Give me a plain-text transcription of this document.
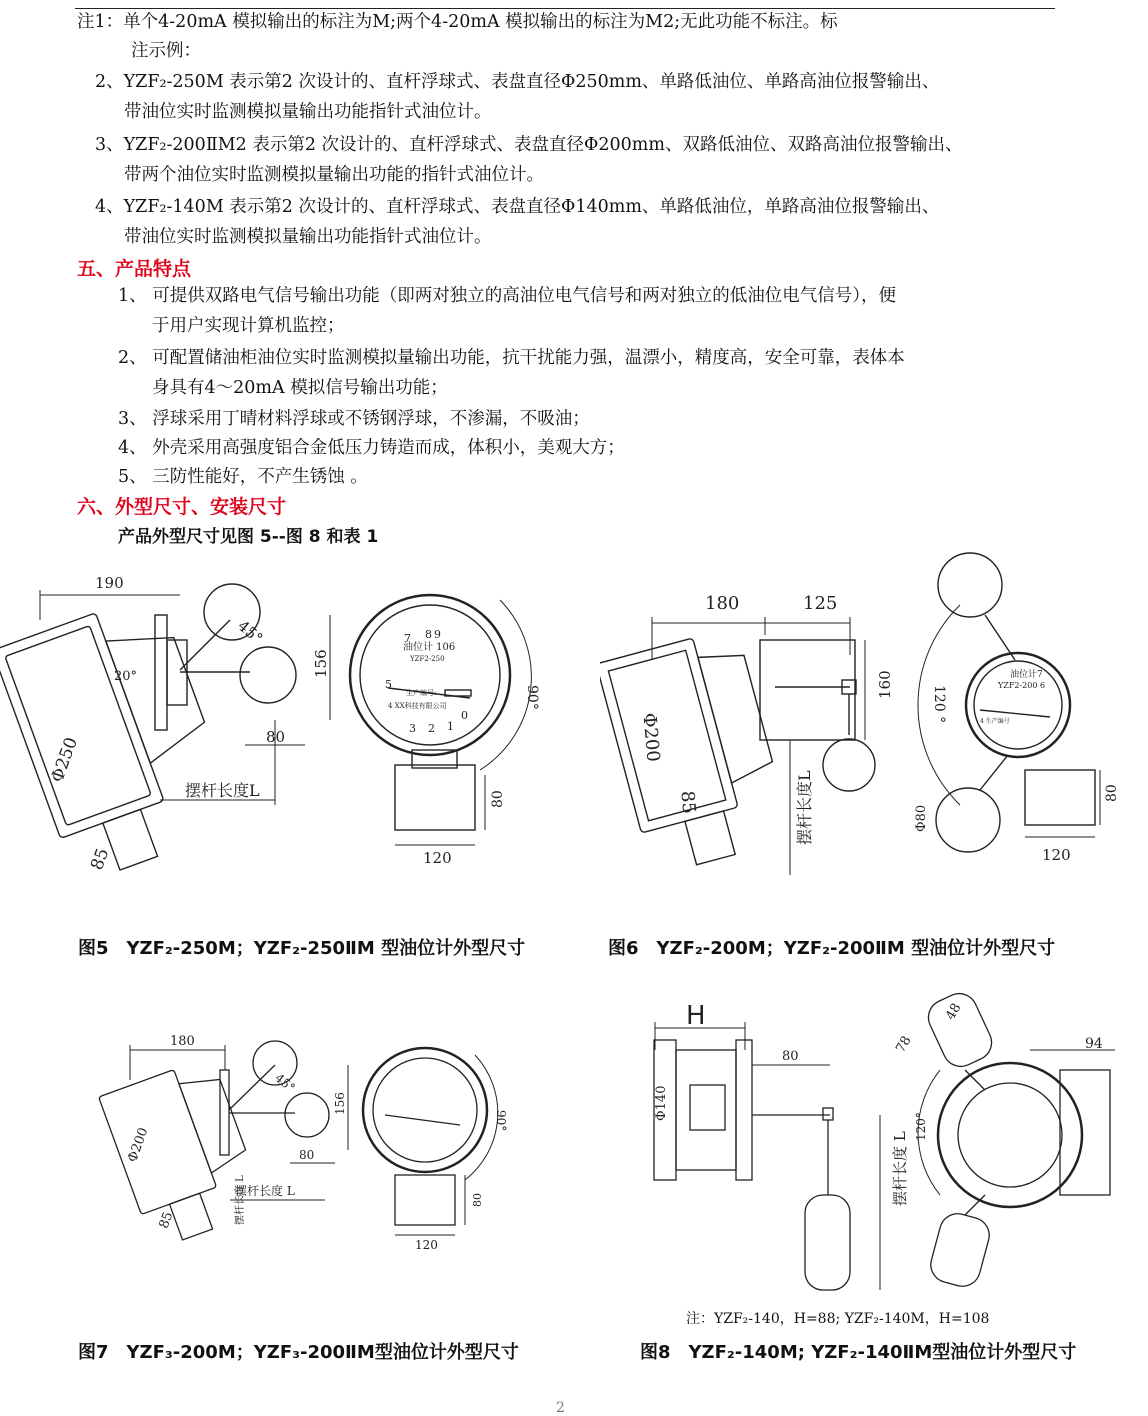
注1：单个4-20mA 模拟输出的标注为M;两个4-20mA 模拟输出的标注为M2;无此功能不标注。标
注示例：
2、YZF₂-250M 表示第2 次设计的、直杆浮球式、表盘直径Φ250mm、单路低油位、单路高油位报警输出、
带油位实时监测模拟量输出功能指针式油位计。
3、YZF₂-200ⅡM2 表示第2 次设计的、直杆浮球式、表盘直径Φ200mm、双路低油位、双路高油位报警输出、
带两个油位实时监测模拟量输出功能的指针式油位计。
4、YZF₂-140M 表示第2 次设计的、直杆浮球式、表盘直径Φ140mm、单路低油位，单路高油位报警输出、
带油位实时监测模拟量输出功能指针式油位计。
五、产品特点
1、 可提供双路电气信号输出功能（即两对独立的高油位电气信号和两对独立的低油位电气信号），便
于用户实现计算机监控；
2、 可配置储油柜油位实时监测模拟量输出功能，抗干扰能力强，温漂小，精度高，安全可靠，表体本
身具有4～20mA 模拟信号输出功能；
3、 浮球采用丁晴材料浮球或不锈钢浮球，不渗漏，不吸油；
4、 外壳采用高强度铝合金低压力铸造而成，体积小，美观大方；
5、 三防性能好，不产生锈蚀 。
六、外型尺寸、安装尺寸
产品外型尺寸见图 5--图 8 和表 1
190
Φ250
85
45°
20°	156
80
摆杆长度L
90°
油位计 106
YZF2-250
生产编号:
4 XX科技有限公司
7 8 9
5
3 2 1
0
80
120
图5　YZF₂-250M；YZF₂-250ⅡM 型油位计外型尺寸
180	125
Φ200
85
160
摆杆长度L
120 °
油位计7
YZF2-200 6
4 生产编号
80
120
Φ80
图6　YZF₂-200M；YZF₂-200ⅡM 型油位计外型尺寸
180
Φ200
85
45°
156
80
摆杆长度 L
摆杆长度 L
90°
80
120
图7　YZF₃-200M；YZF₃-200ⅡM型油位计外型尺寸
H
80
Φ140
摆杆长度 L
48
78	94
120°
注：YZF₂-140，H=88; YZF₂-140M，H=108
图8　YZF₂-140M; YZF₂-140ⅡM型油位计外型尺寸
2
